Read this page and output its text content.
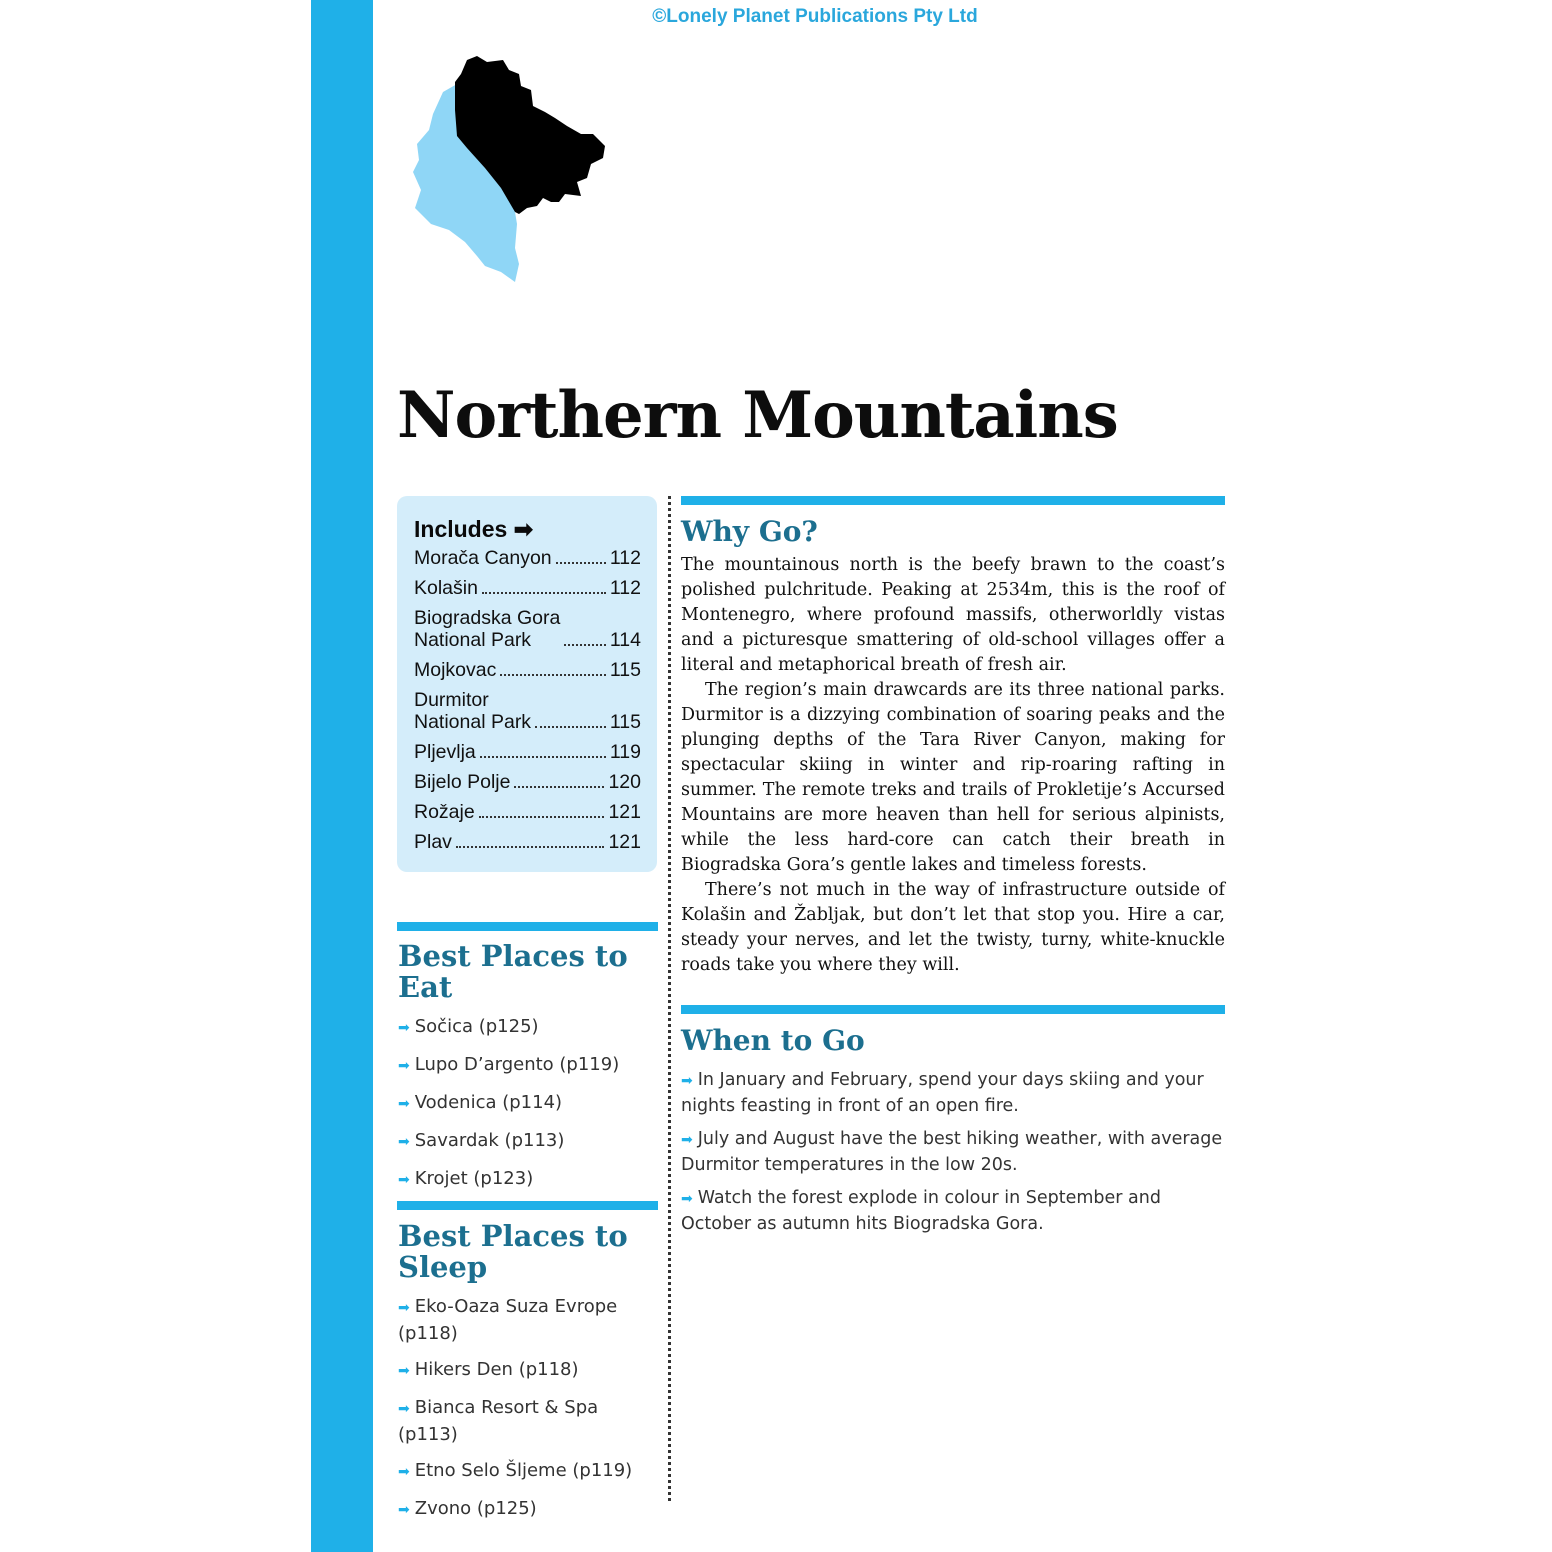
©Lonely Planet Publications Pty Ltd
Northern Mountains
Includes ➡
Morača Canyon	112
Kolašin	112
Biogradska Gora
National Park	114
Mojkovac	115
Durmitor
National Park	115
Pljevlja	119
Bijelo Polje	120
Rožaje	121
Plav	121
Best Places to Eat
➡ Sočica (p125)
➡ Lupo D’argento (p119)
➡ Vodenica (p114)
➡ Savardak (p113)
➡ Krojet (p123)
Best Places to Sleep
➡ Eko-Oaza Suza Evrope (p118)
➡ Hikers Den (p118)
➡ Bianca Resort & Spa (p113)
➡ Etno Selo Šljeme (p119)
➡ Zvono (p125)
Why Go?

The mountainous north is the beefy brawn to the coast’s polished pulchritude. Peaking at 2534m, this is the roof of Montenegro, where profound massifs, otherworldly vistas and a picturesque smattering of old-school villages offer a literal and metaphorical breath of fresh air.

The region’s main drawcards are its three national parks. Durmitor is a dizzying combination of soaring peaks and the plunging depths of the Tara River Canyon, making for spectacular skiing in winter and rip-roaring rafting in summer. The remote treks and trails of Prokletije’s Accursed Mountains are more heaven than hell for serious alpinists, while the less hard-core can catch their breath in Biogradska Gora’s gentle lakes and timeless forests.

There’s not much in the way of infrastructure outside of Kolašin and Žabljak, but don’t let that stop you. Hire a car, steady your nerves, and let the twisty, turny, white-knuckle roads take you where they will.

When to Go
➡ In January and February, spend your days skiing and your nights feasting in front of an open fire.
➡ July and August have the best hiking weather, with average Durmitor temperatures in the low 20s.
➡ Watch the forest explode in colour in September and October as autumn hits Biogradska Gora.
